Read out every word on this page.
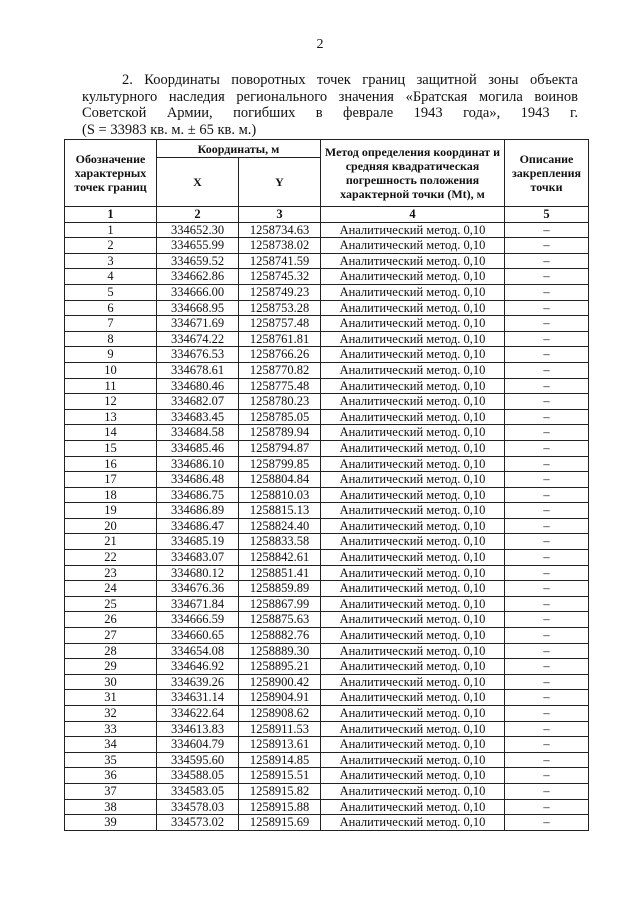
2
2. Координаты поворотных точек границ защитной зоны объекта
культурного наследия регионального значения «Братская могила воинов
Советской Армии, погибших в феврале 1943 года», 1943 г.
(S = 33983 кв. м. ± 65 кв. м.)
Обозначение характерных точек границ	Координаты, м		Метод определения координат и средняя квадратическая погрешность положения характерной точки (Mt), м	Описание закрепления точки
	X	Y		
1	2	3	4	5
1	334652.30	1258734.63	Аналитический метод. 0,10	–
2	334655.99	1258738.02	Аналитический метод. 0,10	–
3	334659.52	1258741.59	Аналитический метод. 0,10	–
4	334662.86	1258745.32	Аналитический метод. 0,10	–
5	334666.00	1258749.23	Аналитический метод. 0,10	–
6	334668.95	1258753.28	Аналитический метод. 0,10	–
7	334671.69	1258757.48	Аналитический метод. 0,10	–
8	334674.22	1258761.81	Аналитический метод. 0,10	–
9	334676.53	1258766.26	Аналитический метод. 0,10	–
10	334678.61	1258770.82	Аналитический метод. 0,10	–
11	334680.46	1258775.48	Аналитический метод. 0,10	–
12	334682.07	1258780.23	Аналитический метод. 0,10	–
13	334683.45	1258785.05	Аналитический метод. 0,10	–
14	334684.58	1258789.94	Аналитический метод. 0,10	–
15	334685.46	1258794.87	Аналитический метод. 0,10	–
16	334686.10	1258799.85	Аналитический метод. 0,10	–
17	334686.48	1258804.84	Аналитический метод. 0,10	–
18	334686.75	1258810.03	Аналитический метод. 0,10	–
19	334686.89	1258815.13	Аналитический метод. 0,10	–
20	334686.47	1258824.40	Аналитический метод. 0,10	–
21	334685.19	1258833.58	Аналитический метод. 0,10	–
22	334683.07	1258842.61	Аналитический метод. 0,10	–
23	334680.12	1258851.41	Аналитический метод. 0,10	–
24	334676.36	1258859.89	Аналитический метод. 0,10	–
25	334671.84	1258867.99	Аналитический метод. 0,10	–
26	334666.59	1258875.63	Аналитический метод. 0,10	–
27	334660.65	1258882.76	Аналитический метод. 0,10	–
28	334654.08	1258889.30	Аналитический метод. 0,10	–
29	334646.92	1258895.21	Аналитический метод. 0,10	–
30	334639.26	1258900.42	Аналитический метод. 0,10	–
31	334631.14	1258904.91	Аналитический метод. 0,10	–
32	334622.64	1258908.62	Аналитический метод. 0,10	–
33	334613.83	1258911.53	Аналитический метод. 0,10	–
34	334604.79	1258913.61	Аналитический метод. 0,10	–
35	334595.60	1258914.85	Аналитический метод. 0,10	–
36	334588.05	1258915.51	Аналитический метод. 0,10	–
37	334583.05	1258915.82	Аналитический метод. 0,10	–
38	334578.03	1258915.88	Аналитический метод. 0,10	–
39	334573.02	1258915.69	Аналитический метод. 0,10	–
